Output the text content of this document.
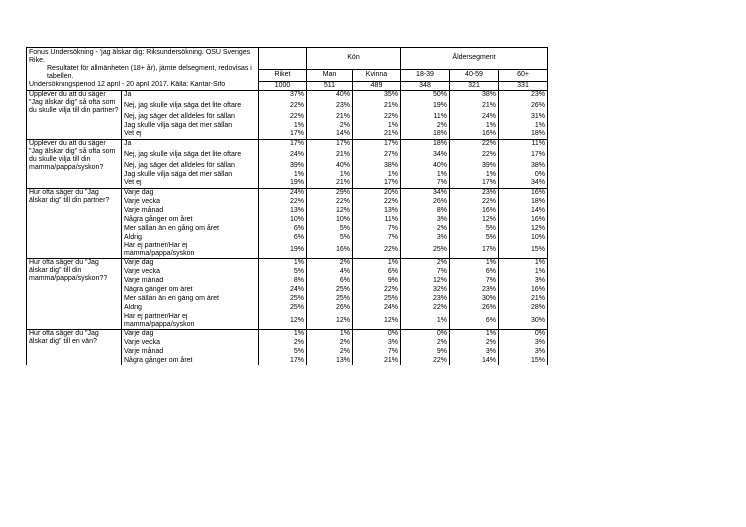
Fonus Undersökning - 'jag älskar dig: Riksundersökning. OSU Sveriges Rike. Resultatet för allmänheten (18+ år), jämte delsegment, redovisas i tabellen.			Kön		Åldersegment		
		Riket	Man	Kvinna	18-39	40-59	60+
Undersökningsperiod 12 april - 20 april 2017. Källa: Kantar-Sifo		1000	511	489	348	321	331
Upplever du att du säger "Jag älskar dig" så ofta som du skulle vilja till din partner?	Ja	37%	40%	35%	50%	38%	23%
	Nej, jag skulle vilja säga det lite oftare	22%	23%	21%	19%	21%	26%
	Nej, jag säger det alldeles för sällan	22%	21%	22%	11%	24%	31%
	Jag skulle vilja säga det mer sällan	1%	2%	1%	2%	1%	1%
	Vet ej	17%	14%	21%	18%	16%	18%
Upplever du att du säger "Jag älskar dig" så ofta som du skulle vilja till din mamma/pappa/syskon?	Ja	17%	17%	17%	18%	22%	11%
	Nej, jag skulle vilja säga det lite oftare	24%	21%	27%	34%	22%	17%
	Nej, jag säger det alldeles för sällan	39%	40%	38%	40%	39%	38%
	Jag skulle vilja säga det mer sällan	1%	1%	1%	1%	1%	0%
	Vet ej	19%	21%	17%	7%	17%	34%
Hur ofta säger du "Jag älskar dig" till din partner?	Varje dag	24%	29%	20%	34%	23%	16%
	Varje vecka	22%	22%	22%	26%	22%	18%
	Varje månad	13%	12%	13%	8%	16%	14%
	Några gånger om året	10%	10%	11%	3%	12%	16%
	Mer sällan än en gång om året	6%	5%	7%	2%	5%	12%
	Aldrig	6%	5%	7%	3%	5%	10%
	Har ej partner/Har ej mamma/pappa/syskon	19%	16%	22%	25%	17%	15%
Hur ofta säger du "Jag älskar dig" till din mamma/pappa/syskon??	Varje dag	1%	2%	1%	2%	1%	1%
	Varje vecka	5%	4%	6%	7%	6%	1%
	Varje månad	8%	6%	9%	12%	7%	3%
	Några gånger om året	24%	25%	22%	32%	23%	16%
	Mer sällan än en gång om året	25%	25%	25%	23%	30%	21%
	Aldrig	25%	26%	24%	22%	26%	28%
	Har ej partner/Har ej mamma/pappa/syskon	12%	12%	12%	1%	6%	30%
Hur ofta säger du "Jag älskar dig" till en vän?	Varje dag	1%	1%	0%	0%	1%	0%
	Varje vecka	2%	2%	3%	2%	2%	3%
	Varje månad	5%	2%	7%	9%	3%	3%
	Några gånger om året	17%	13%	21%	22%	14%	15%
